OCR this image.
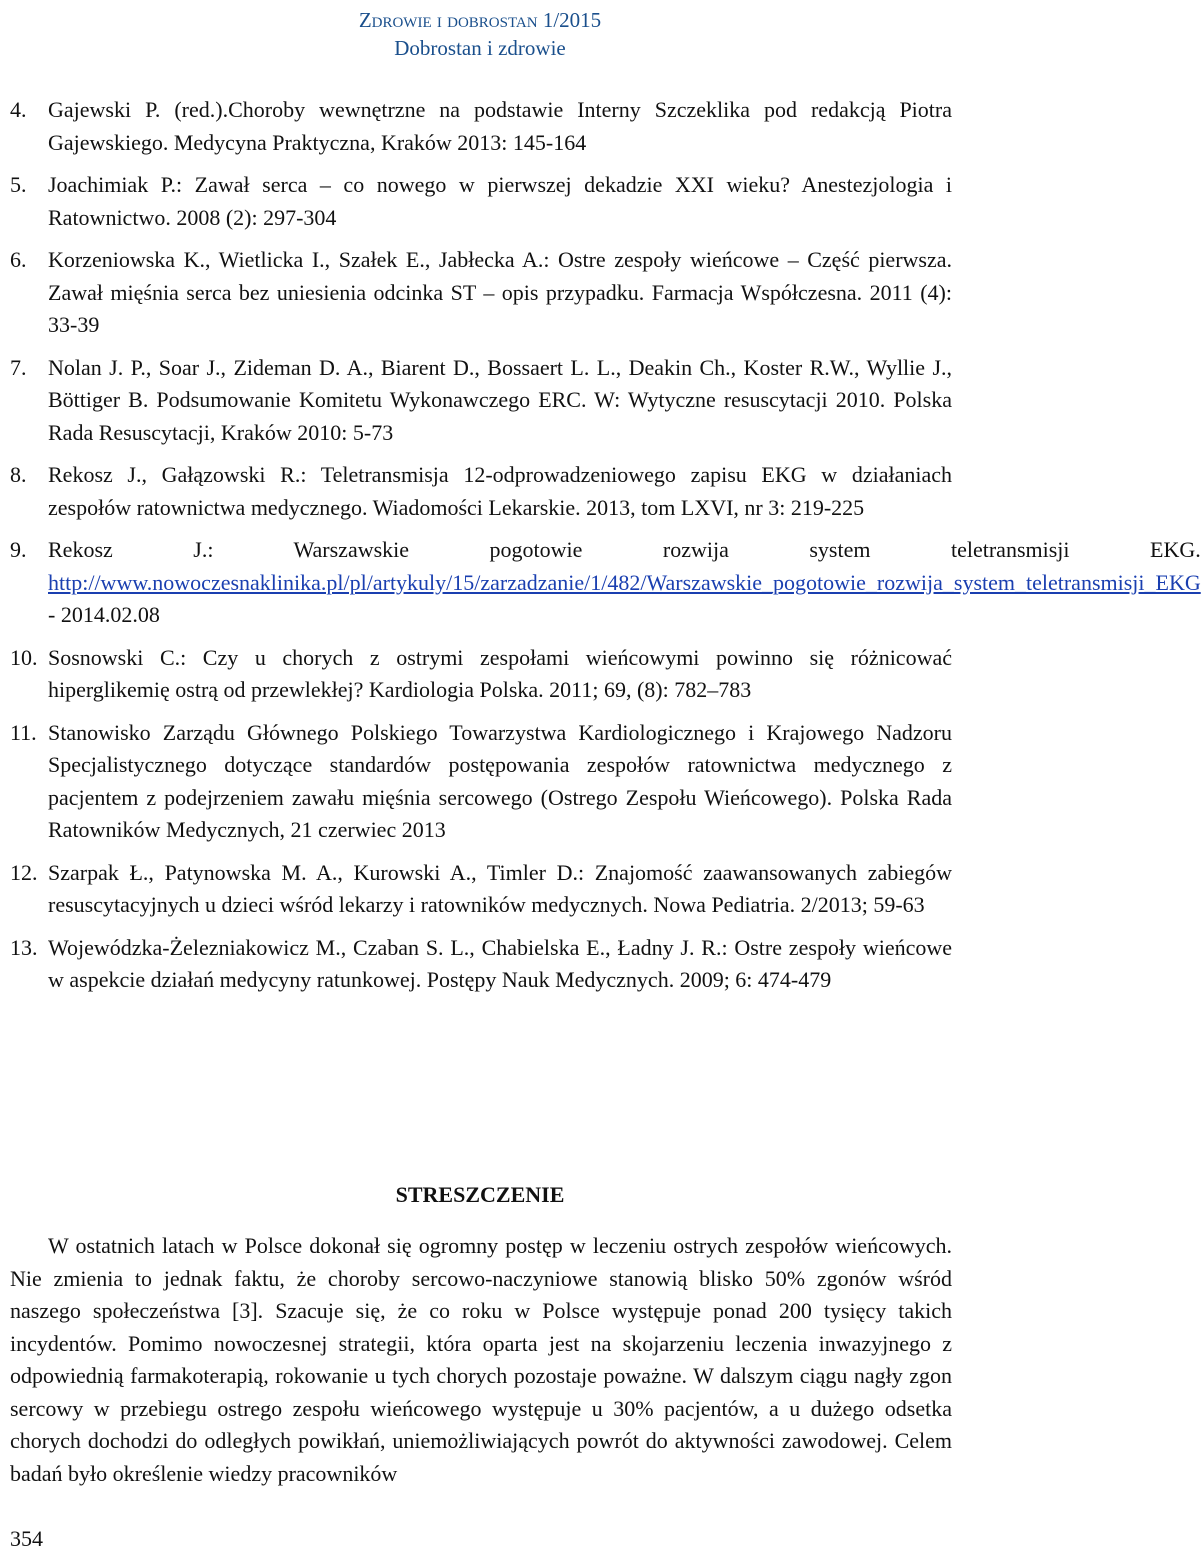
Zdrowie i dobrostan 1/2015
Dobrostan i zdrowie
4. Gajewski P. (red.).Choroby wewnętrzne na podstawie Interny Szczeklika pod redakcją Piotra Gajewskiego. Medycyna Praktyczna, Kraków 2013: 145-164
5. Joachimiak P.: Zawał serca – co nowego w pierwszej dekadzie XXI wieku? Anestezjologia i Ratownictwo. 2008 (2): 297-304
6. Korzeniowska K., Wietlicka I., Szałek E., Jabłecka A.: Ostre zespoły wieńcowe – Część pierwsza. Zawał mięśnia serca bez uniesienia odcinka ST – opis przypadku. Farmacja Współczesna. 2011 (4): 33-39
7. Nolan J. P., Soar J., Zideman D. A., Biarent D., Bossaert L. L., Deakin Ch., Koster R.W., Wyllie J., Böttiger B. Podsumowanie Komitetu Wykonawczego ERC. W: Wytyczne resuscytacji 2010. Polska Rada Resuscytacji, Kraków 2010: 5-73
8. Rekosz J., Gałązowski R.: Teletransmisja 12-odprowadzeniowego zapisu EKG w działaniach zespołów ratownictwa medycznego. Wiadomości Lekarskie. 2013, tom LXVI, nr 3: 219-225
9. Rekosz J.: Warszawskie pogotowie rozwija system teletransmisji EKG. http://www.nowoczesnaklinika.pl/pl/artykuly/15/zarzadzanie/1/482/Warszawskie_pogotowie_rozwija_system_teletransmisji_EKG - 2014.02.08
10. Sosnowski C.: Czy u chorych z ostrymi zespołami wieńcowymi powinno się różnicować hiperglikemię ostrą od przewlekłej? Kardiologia Polska. 2011; 69, (8): 782–783
11. Stanowisko Zarządu Głównego Polskiego Towarzystwa Kardiologicznego i Krajowego Nadzoru Specjalistycznego dotyczące standardów postępowania zespołów ratownictwa medycznego z pacjentem z podejrzeniem zawału mięśnia sercowego (Ostrego Zespołu Wieńcowego). Polska Rada Ratowników Medycznych, 21 czerwiec 2013
12. Szarpak Ł., Patynowska M. A., Kurowski A., Timler D.: Znajomość zaawansowanych zabiegów resuscytacyjnych u dzieci wśród lekarzy i ratowników medycznych. Nowa Pediatria. 2/2013; 59-63
13. Wojewódzka-Żelezniakowicz M., Czaban S. L., Chabielska E., Ładny J. R.: Ostre zespoły wieńcowe w aspekcie działań medycyny ratunkowej. Postępy Nauk Medycznych. 2009; 6: 474-479
STRESZCZENIE

W ostatnich latach w Polsce dokonał się ogromny postęp w leczeniu ostrych zespołów wieńcowych. Nie zmienia to jednak faktu, że choroby sercowo-naczyniowe stanowią blisko 50% zgonów wśród naszego społeczeństwa [3]. Szacuje się, że co roku w Polsce występuje ponad 200 tysięcy takich incydentów. Pomimo nowoczesnej strategii, która oparta jest na skojarzeniu leczenia inwazyjnego z odpowiednią farmakoterapią, rokowanie u tych chorych pozostaje poważne. W dalszym ciągu nagły zgon sercowy w przebiegu ostrego zespołu wieńcowego występuje u 30% pacjentów, a u dużego odsetka chorych dochodzi do odległych powikłań, uniemożliwiających powrót do aktywności zawodowej. Celem badań było określenie wiedzy pracowników

354
